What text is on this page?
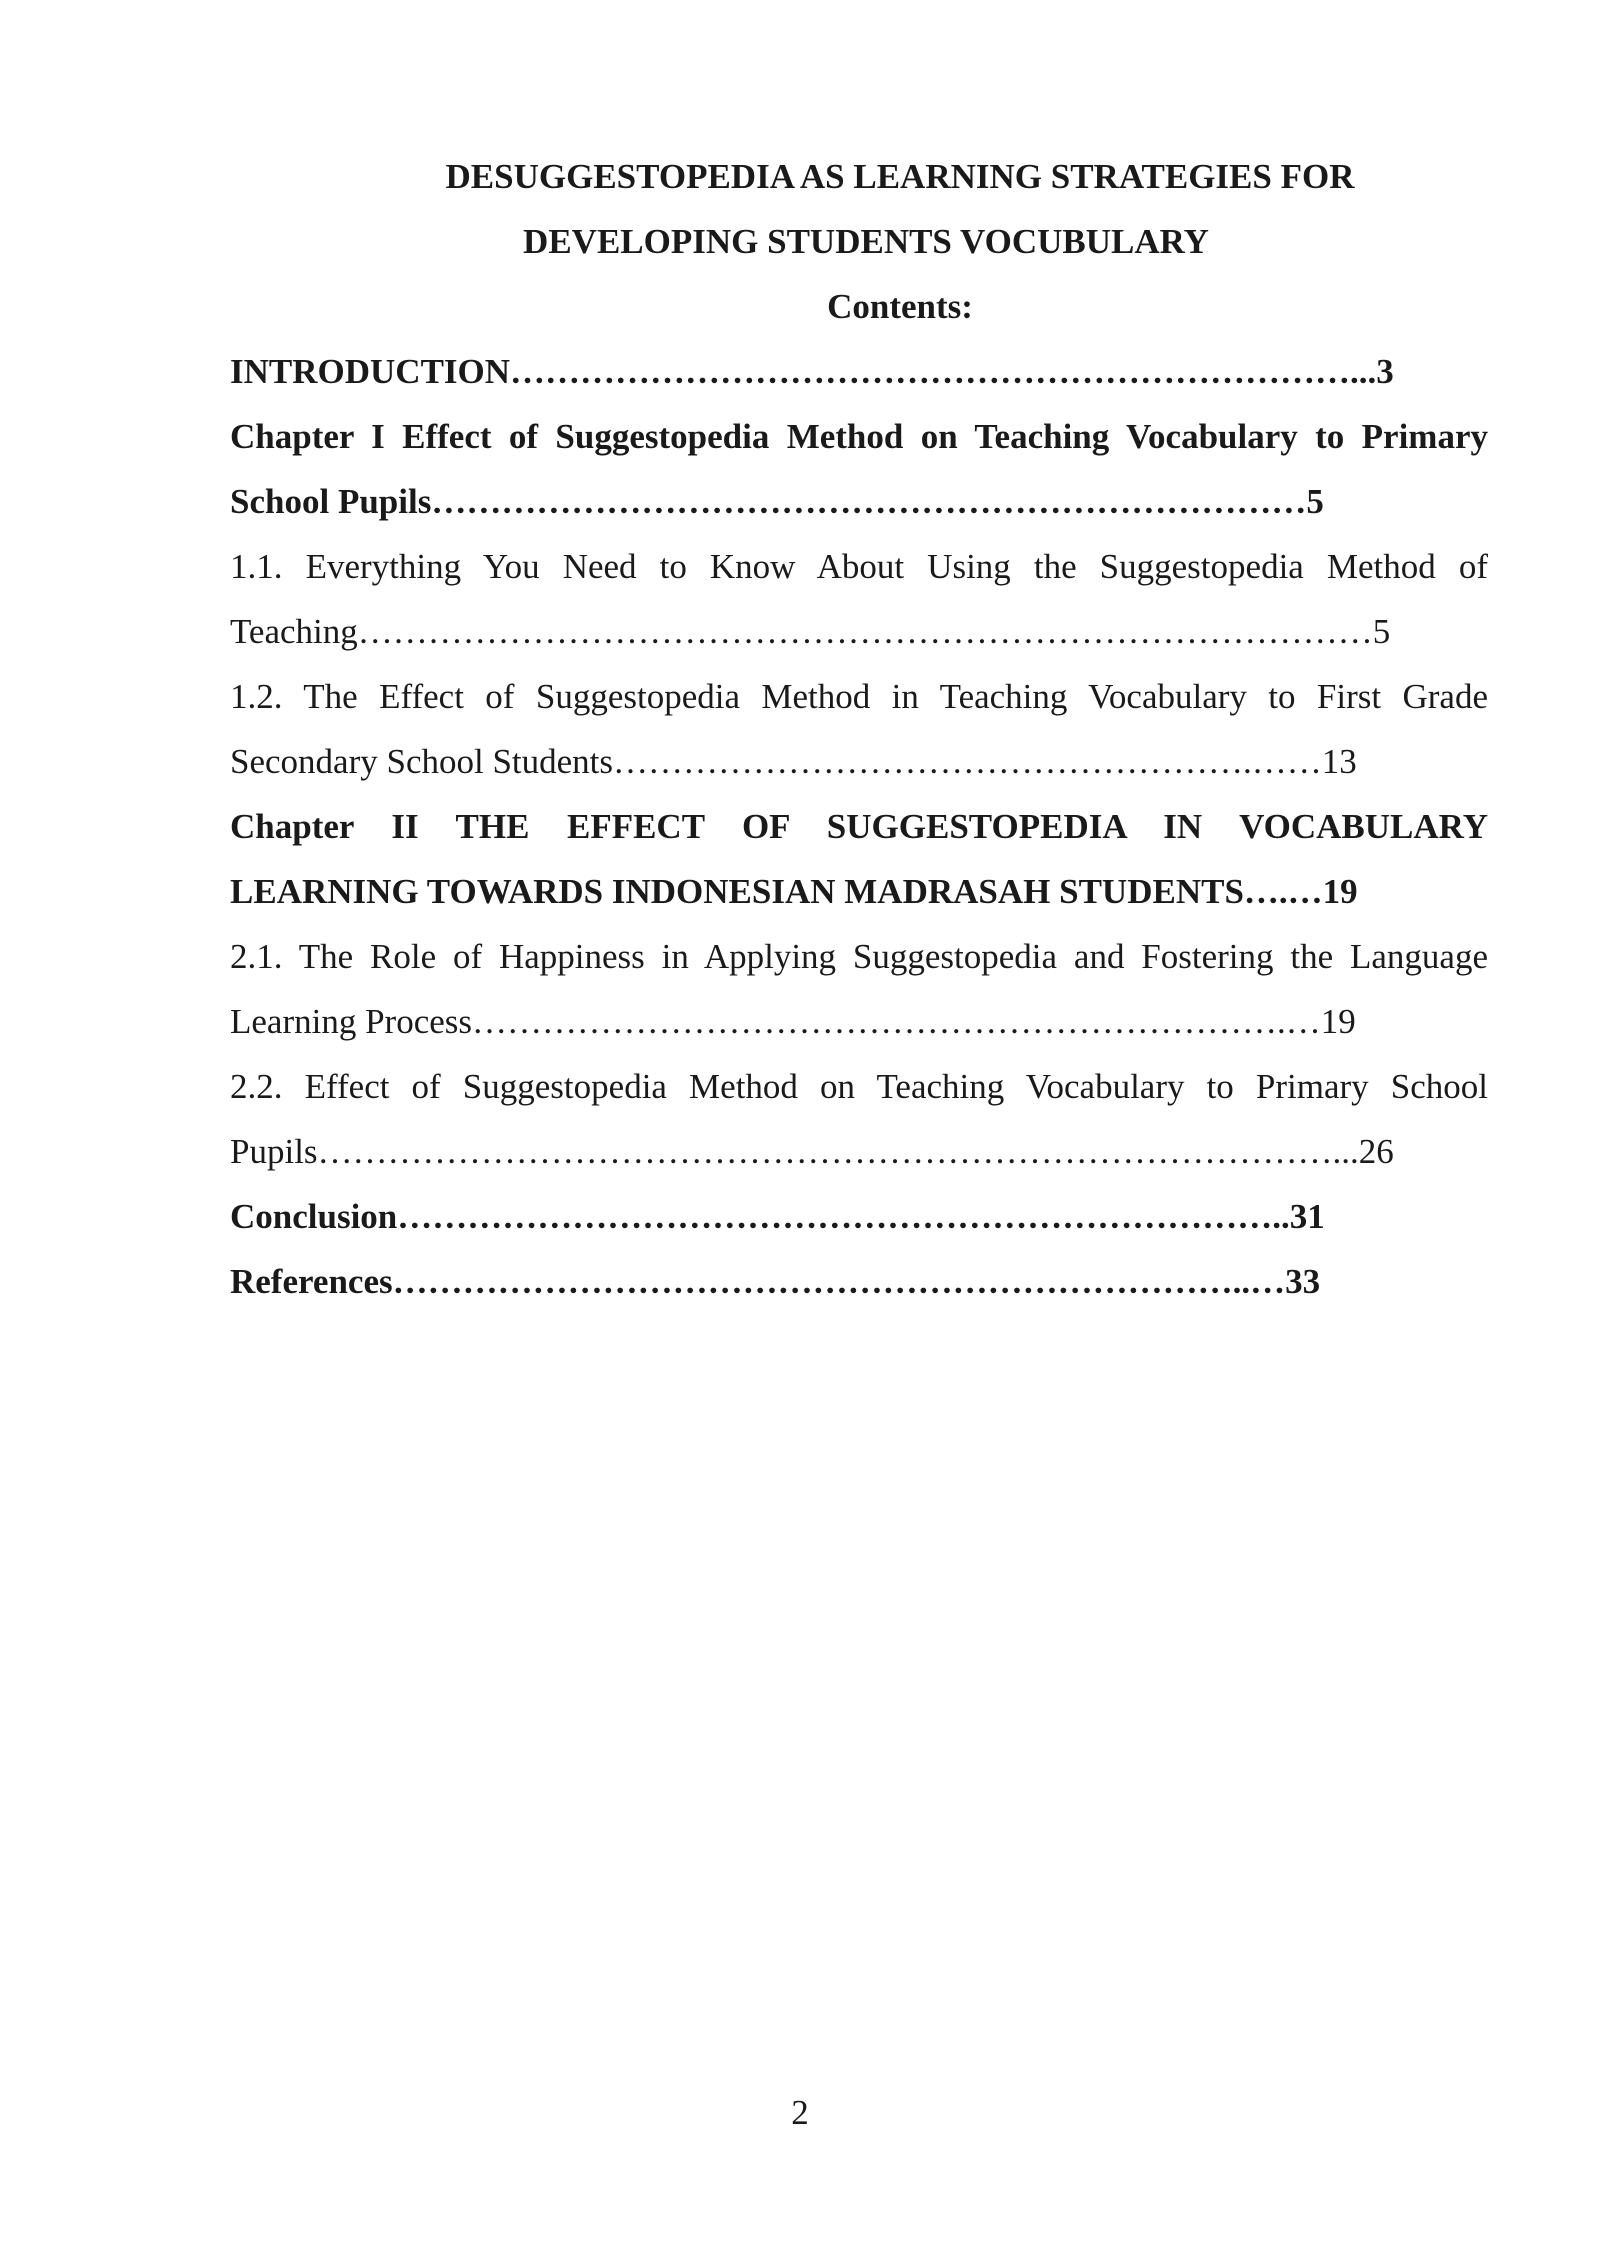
DESUGGESTOPEDIA AS LEARNING STRATEGIES FOR
DEVELOPING STUDENTS VOCUBULARY
Contents:
INTRODUCTION………………………………………………………………...3
Chapter I Effect of Suggestopedia Method on Teaching Vocabulary to Primary
School Pupils…………………………………………………………………5
1.1. Everything You Need to Know About Using the Suggestopedia Method of
Teaching……………………………………………………………………………5
1.2. The Effect of Suggestopedia Method in Teaching Vocabulary to First Grade
Secondary School Students……………………………………………….……13
Chapter II THE EFFECT OF SUGGESTOPEDIA IN VOCABULARY
LEARNING TOWARDS INDONESIAN MADRASAH STUDENTS….…19
2.1. The Role of Happiness in Applying Suggestopedia and Fostering the Language
Learning Process…………………………………………………………….…19
2.2. Effect of Suggestopedia Method on Teaching Vocabulary to Primary School
Pupils……………………………………………………………………………...26
Conclusion…………………………………………………………………..31
References………………………………………………………………..…33
2
